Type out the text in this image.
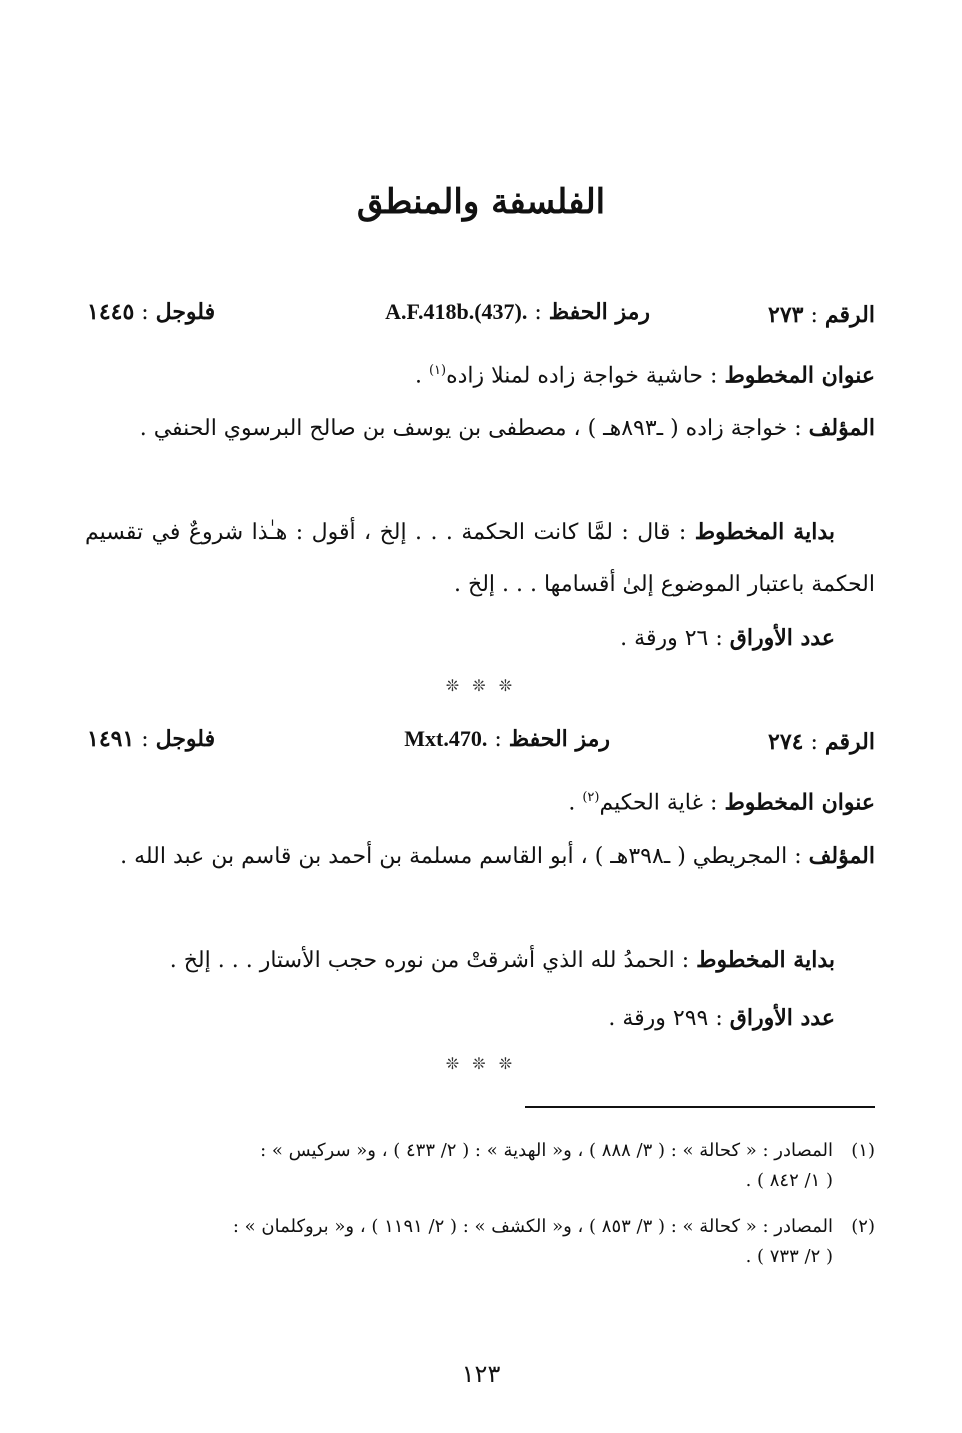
الفلسفة والمنطق
الرقم : ٢٧٣
رمز الحفظ : A.F.418b.(437).
فلوجل : ١٤٤٥
عنوان المخطوط : حاشية خواجة زاده لمنلا زاده$^{(١)}$ .
المؤلف : خواجة زاده ( ـ٨٩٣هـ ) ، مصطفى بن يوسف بن صالح البرسوي الحنفي .
بداية المخطوط : قال : لمَّا كانت الحكمة . . . إلخ ، أقول : هـٰذا شروعٌ في تقسيم الحكمة باعتبار الموضوع إلىٰ أقسامها . . . إلخ .
عدد الأوراق : ٢٦ ورقة .
❊ ❊ ❊
الرقم : ٢٧٤
رمز الحفظ : Mxt.470.
فلوجل : ١٤٩١
عنوان المخطوط : غاية الحكيم$^{(٢)}$ .
المؤلف : المجريطي ( ـ٣٩٨هـ ) ، أبو القاسم مسلمة بن أحمد بن قاسم بن عبد الله .
بداية المخطوط : الحمدُ لله الذي أشرقتْ من نوره حجب الأستار . . . إلخ .
عدد الأوراق : ٢٩٩ ورقة .
❊ ❊ ❊
(١)المصادر : « كحالة » : ( ٣/ ٨٨٨ ) ، و« الهدية » : ( ٢/ ٤٣٣ ) ، و« سركيس » :
( ١/ ٨٤٢ ) .
(٢)المصادر : « كحالة » : ( ٣/ ٨٥٣ ) ، و« الكشف » : ( ٢/ ١١٩١ ) ، و« بروكلمان » :
( ٢/ ٧٣٣ ) .
١٢٣
